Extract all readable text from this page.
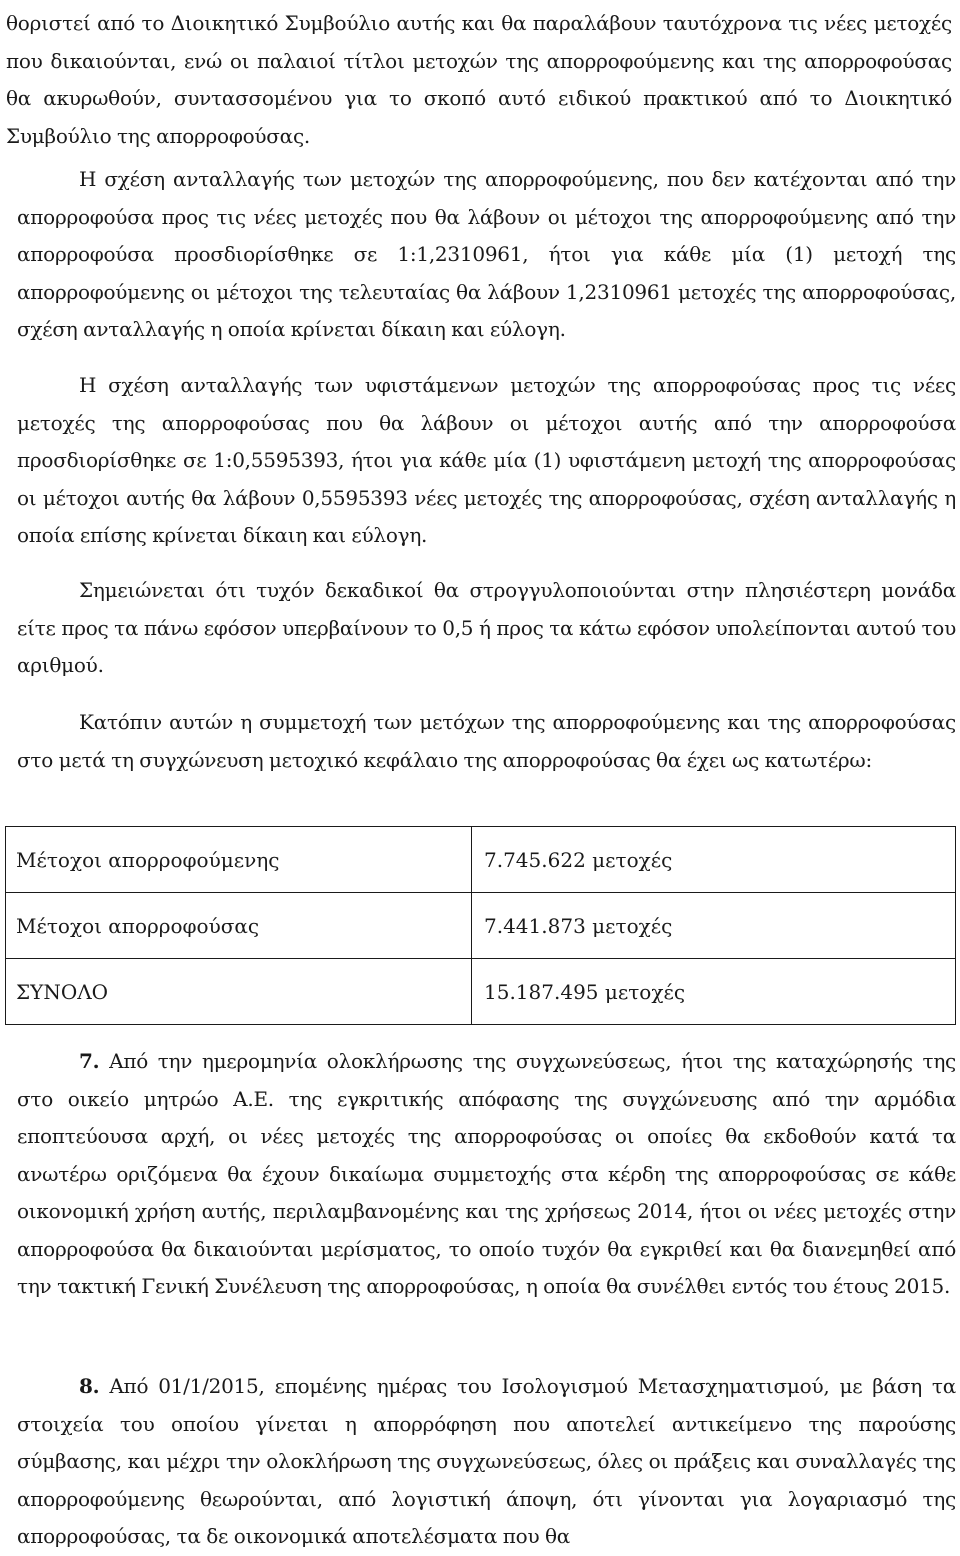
θοριστεί από το Διοικητικό Συμβούλιο αυτής και θα παραλάβουν ταυτόχρονα τις νέες μετοχές που δικαιούνται, ενώ οι παλαιοί τίτλοι μετοχών της απορροφούμενης και της απορροφούσας θα ακυρωθούν, συντασσομένου για το σκοπό αυτό ειδικού πρακτικού από το Διοικητικό Συμβούλιο της απορροφούσας.

Η σχέση ανταλλαγής των μετοχών της απορροφούμενης, που δεν κατέχονται από την απορροφούσα προς τις νέες μετοχές που θα λάβουν οι μέτοχοι της απορροφούμενης από την απορροφούσα προσδιορίσθηκε σε 1:1,2310961, ήτοι για κάθε μία (1) μετοχή της απορροφούμενης οι μέτοχοι της τελευταίας θα λάβουν 1,2310961 μετοχές της απορροφούσας, σχέση ανταλλαγής η οποία κρίνεται δίκαιη και εύλογη.

Η σχέση ανταλλαγής των υφιστάμενων μετοχών της απορροφούσας προς τις νέες μετοχές της απορροφούσας που θα λάβουν οι μέτοχοι αυτής από την απορροφούσα προσδιορίσθηκε σε 1:0,5595393, ήτοι για κάθε μία (1) υφιστάμενη μετοχή της απορροφούσας οι μέτοχοι αυτής θα λάβουν 0,5595393 νέες μετοχές της απορροφούσας, σχέση ανταλλαγής η οποία επίσης κρίνεται δίκαιη και εύλογη.

Σημειώνεται ότι τυχόν δεκαδικοί θα στρογγυλοποιούνται στην πλησιέστερη μονάδα είτε προς τα πάνω εφόσον υπερβαίνουν το 0,5 ή προς τα κάτω εφόσον υπολείπονται αυτού του αριθμού.

Κατόπιν αυτών η συμμετοχή των μετόχων της απορροφούμενης και της απορροφούσας στο μετά τη συγχώνευση μετοχικό κεφάλαιο της απορροφούσας θα έχει ως κατωτέρω:

Μέτοχοι απορροφούμενης	7.745.622 μετοχές
Μέτοχοι απορροφούσας	7.441.873 μετοχές
ΣΥΝΟΛΟ	15.187.495 μετοχές

7. Από την ημερομηνία ολοκλήρωσης της συγχωνεύσεως, ήτοι της καταχώρησής της στο οικείο μητρώο Α.Ε. της εγκριτικής απόφασης της συγχώνευσης από την αρμόδια εποπτεύουσα αρχή, οι νέες μετοχές της απορροφούσας οι οποίες θα εκδοθούν κατά τα ανωτέρω οριζόμενα θα έχουν δικαίωμα συμμετοχής στα κέρδη της απορροφούσας σε κάθε οικονομική χρήση αυτής, περιλαμβανομένης και της χρήσεως 2014, ήτοι οι νέες μετοχές στην απορροφούσα θα δικαιούνται μερίσματος, το οποίο τυχόν θα εγκριθεί και θα διανεμηθεί από την τακτική Γενική Συνέλευση της απορροφούσας, η οποία θα συνέλθει εντός του έτους 2015.

8. Από 01/1/2015, επομένης ημέρας του Ισολογισμού Μετασχηματισμού, με βάση τα στοιχεία του οποίου γίνεται η απορρόφηση που αποτελεί αντικείμενο της παρούσης σύμβασης, και μέχρι την ολοκλήρωση της συγχωνεύσεως, όλες οι πράξεις και συναλλαγές της απορροφούμενης θεωρούνται, από λογιστική άποψη, ότι γίνονται για λογαριασμό της απορροφούσας, τα δε οικονομικά αποτελέσματα που θα
